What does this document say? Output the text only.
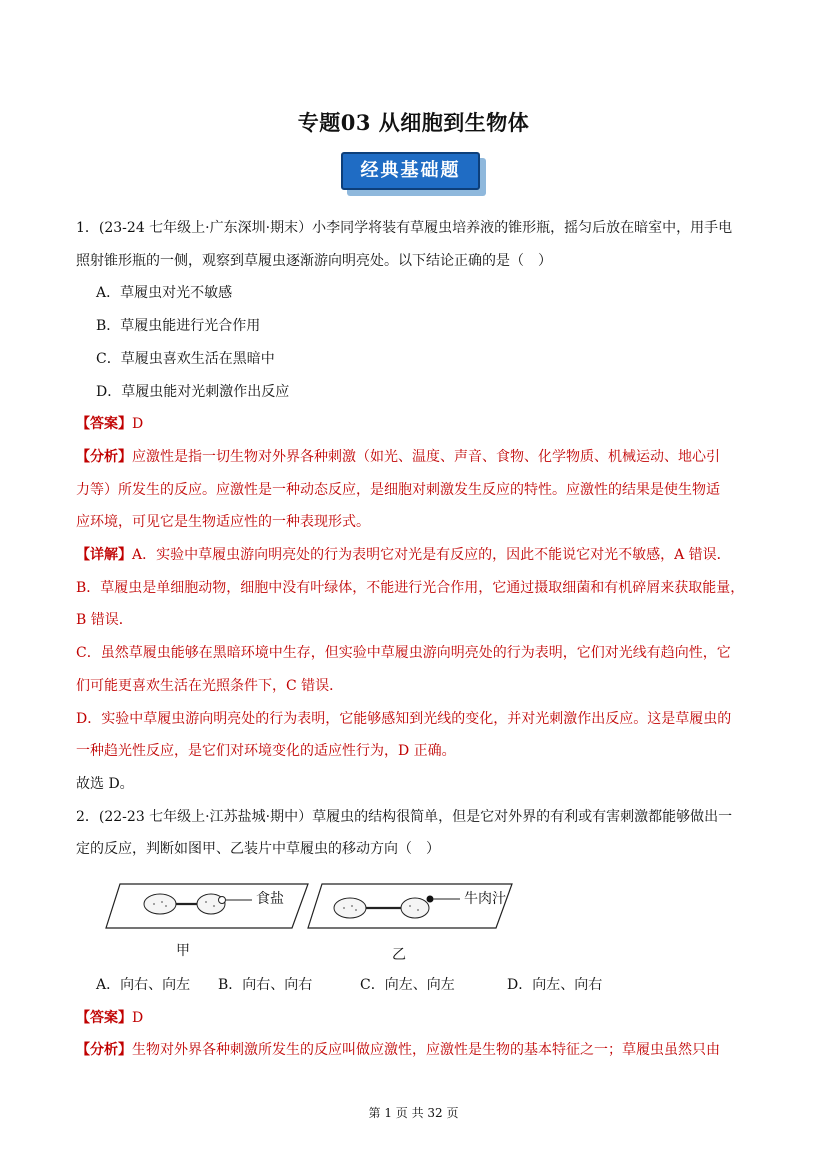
专题03 从细胞到生物体
经典基础题
1．(23-24 七年级上·广东深圳·期末）小李同学将装有草履虫培养液的锥形瓶，摇匀后放在暗室中，用手电
照射锥形瓶的一侧，观察到草履虫逐渐游向明亮处。以下结论正确的是（　）
A．草履虫对光不敏感
B．草履虫能进行光合作用
C．草履虫喜欢生活在黑暗中
D．草履虫能对光刺激作出反应
【答案】D
【分析】应激性是指一切生物对外界各种刺激（如光、温度、声音、食物、化学物质、机械运动、地心引
力等）所发生的反应。应激性是一种动态反应，是细胞对刺激发生反应的特性。应激性的结果是使生物适
应环境，可见它是生物适应性的一种表现形式。
【详解】A．实验中草履虫游向明亮处的行为表明它对光是有反应的，因此不能说它对光不敏感，A 错误．
B．草履虫是单细胞动物，细胞中没有叶绿体，不能进行光合作用，它通过摄取细菌和有机碎屑来获取能量，
B 错误．
C．虽然草履虫能够在黑暗环境中生存，但实验中草履虫游向明亮处的行为表明，它们对光线有趋向性，它
们可能更喜欢生活在光照条件下，C 错误．
D．实验中草履虫游向明亮处的行为表明，它能够感知到光线的变化，并对光刺激作出反应。这是草履虫的
一种趋光性反应，是它们对环境变化的适应性行为，D 正确。
故选 D。
2．(22-23 七年级上·江苏盐城·期中）草履虫的结构很简单，但是它对外界的有利或有害刺激都能够做出一
定的反应，判断如图甲、乙装片中草履虫的移动方向（　）
食盐	牛肉汁
甲	乙
A．向右、向左	B．向右、向右	C．向左、向左	D．向左、向右
【答案】D
【分析】生物对外界各种刺激所发生的反应叫做应激性，应激性是生物的基本特征之一；草履虫虽然只由
第 1 页 共 32 页
